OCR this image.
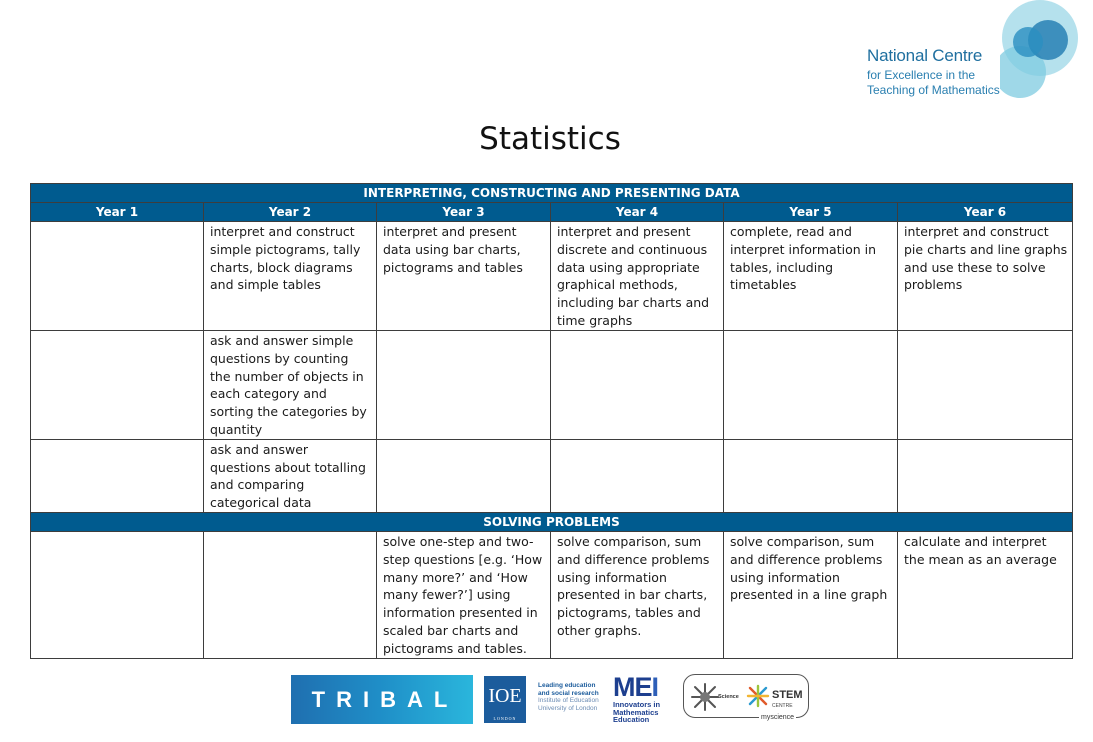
National Centre
for Excellence in the
Teaching of Mathematics
Statistics
INTERPRETING, CONSTRUCTING AND PRESENTING DATA					
Year 1	Year 2	Year 3	Year 4	Year 5	Year 6

	interpret and construct simple pictograms, tally charts, block diagrams and simple tables	interpret and present data using bar charts, pictograms and tables	interpret and present discrete and continuous data using appropriate graphical methods, including bar charts and time graphs	complete, read and interpret information in tables, including timetables	interpret and construct pie charts and line graphs and use these to solve problems

	ask and answer simple questions by counting the number of objects in each category and sorting the categories by quantity				

	ask and answer questions about totalling and comparing categorical data				

SOLVING PROBLEMS					

		solve one-step and two-step questions [e.g. ‘How many more?’ and ‘How many fewer?’] using information presented in scaled bar charts and pictograms and tables.	solve comparison, sum and difference problems using information presented in bar charts, pictograms, tables and other graphs.	solve comparison, sum and difference problems using information presented in a line graph	calculate and interpret the mean as an average
TRIBAL	IOE
LONDON
Leading education
and social research
Institute of Education
University of London
MEI
Innovators in
Mathematics
Education
Science	STEM
CENTRE
myscience
